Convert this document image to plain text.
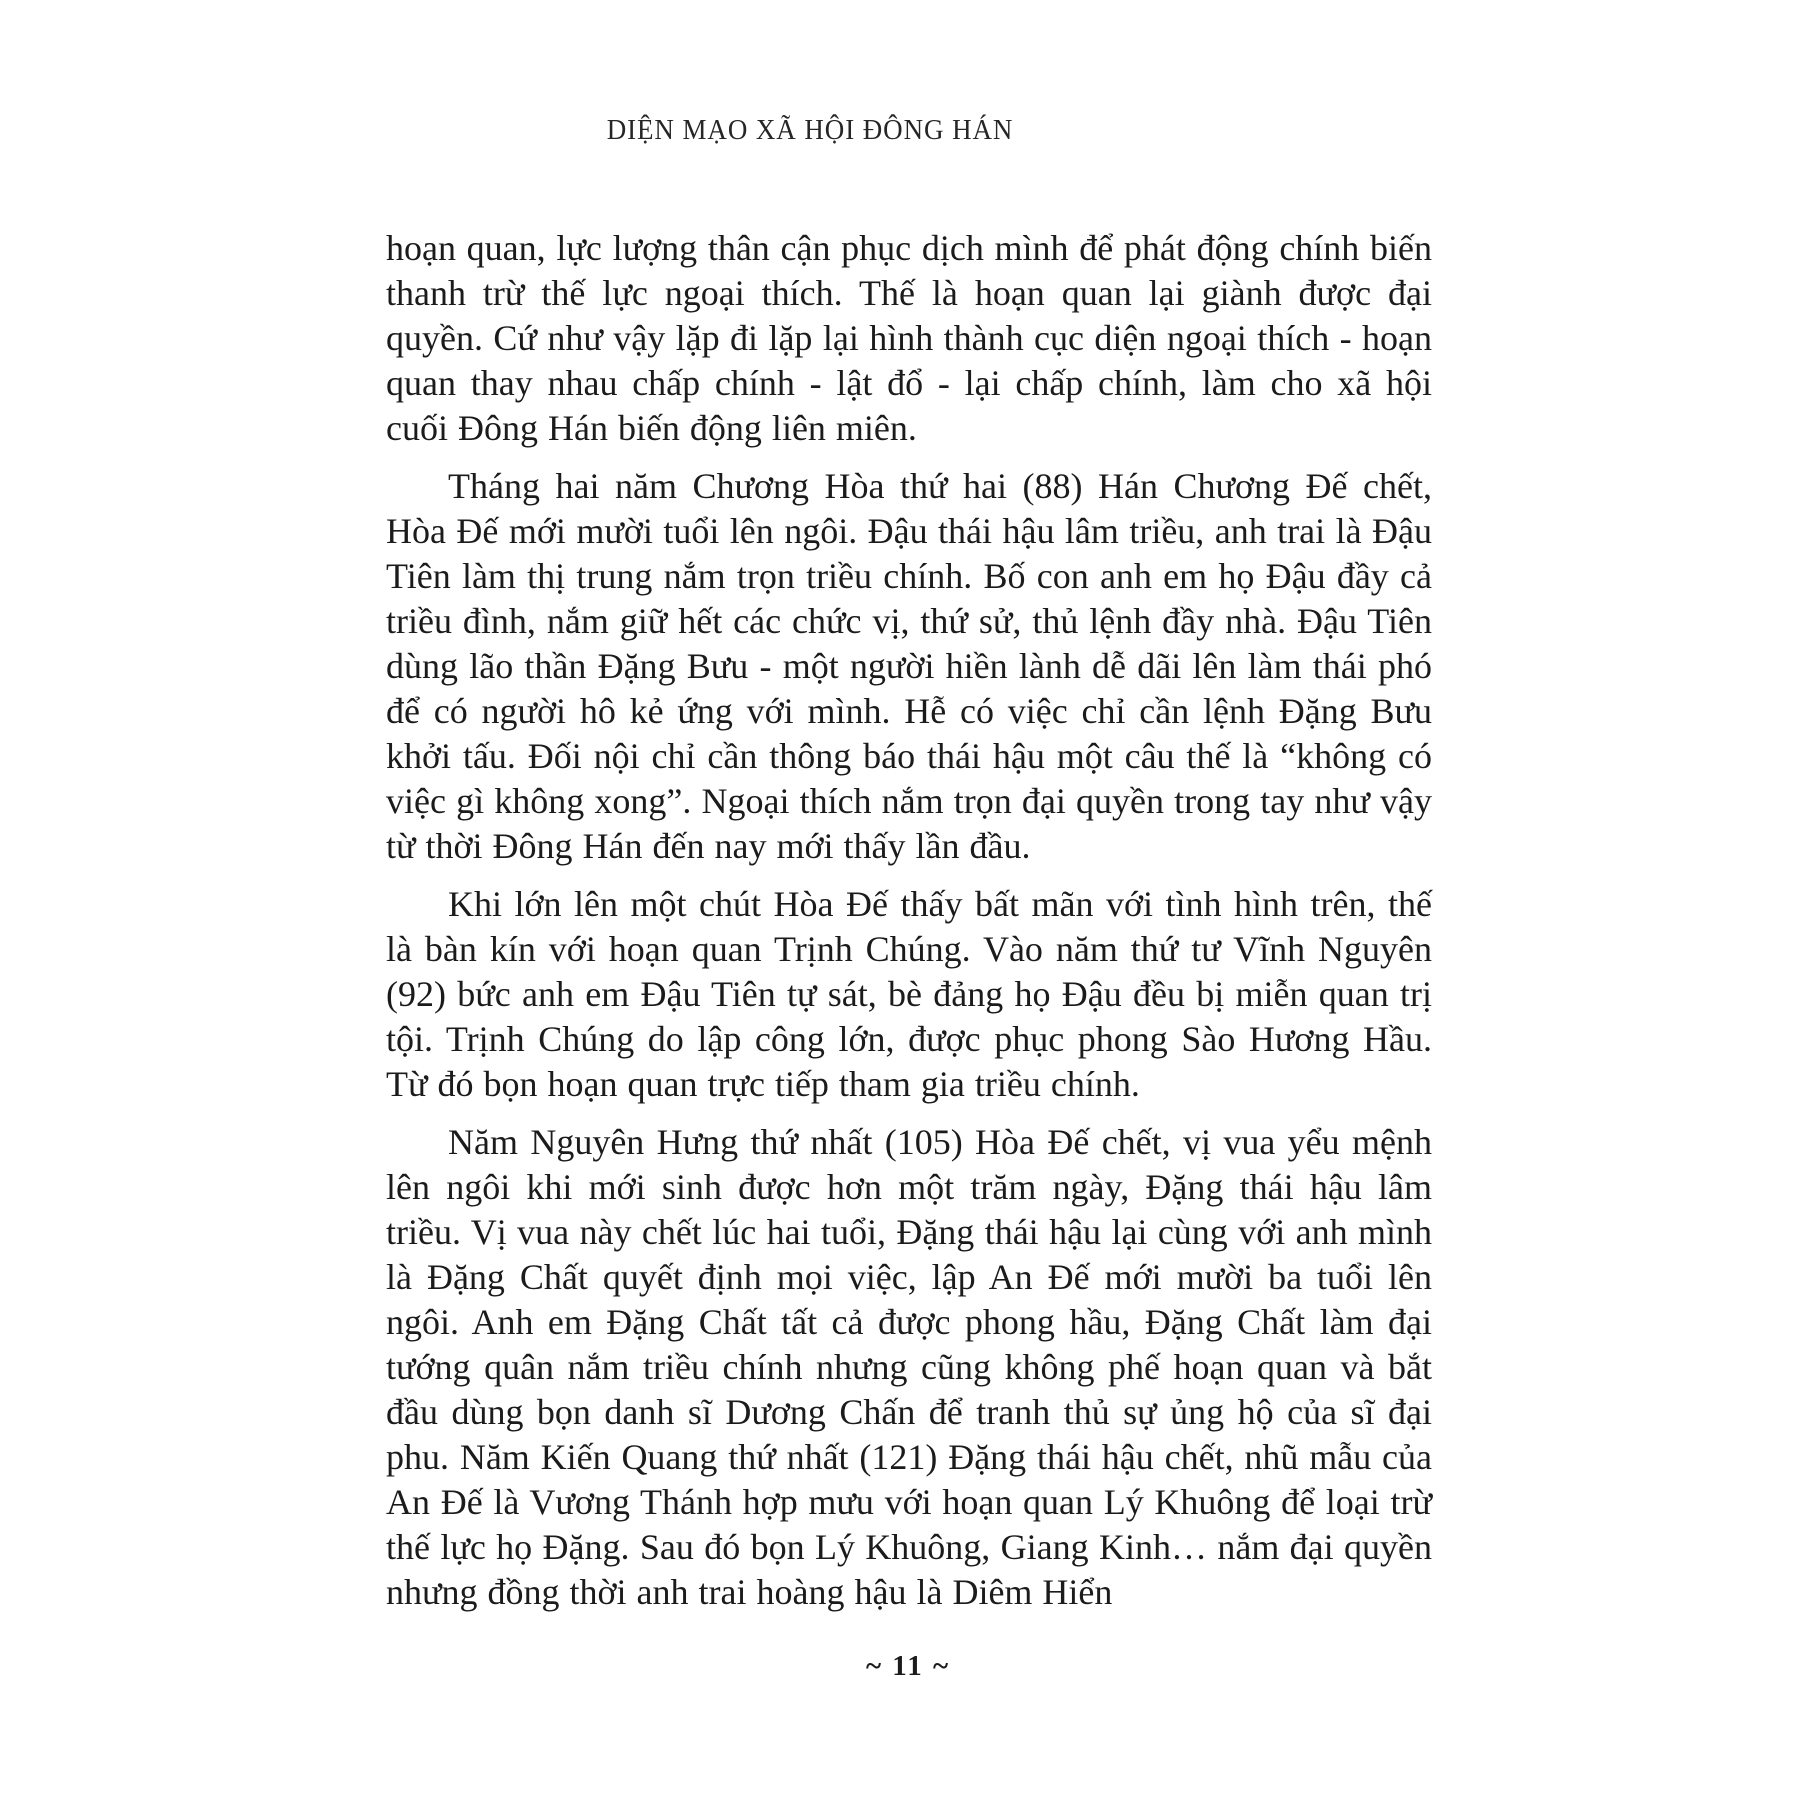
DIỆN MẠO XÃ HỘI ĐÔNG HÁN

hoạn quan, lực lượng thân cận phục dịch mình để phát động chính biến thanh trừ thế lực ngoại thích. Thế là hoạn quan lại giành được đại quyền. Cứ như vậy lặp đi lặp lại hình thành cục diện ngoại thích - hoạn quan thay nhau chấp chính - lật đổ - lại chấp chính, làm cho xã hội cuối Đông Hán biến động liên miên.

Tháng hai năm Chương Hòa thứ hai (88) Hán Chương Đế chết, Hòa Đế mới mười tuổi lên ngôi. Đậu thái hậu lâm triều, anh trai là Đậu Tiên làm thị trung nắm trọn triều chính. Bố con anh em họ Đậu đầy cả triều đình, nắm giữ hết các chức vị, thứ sử, thủ lệnh đầy nhà. Đậu Tiên dùng lão thần Đặng Bưu - một người hiền lành dễ dãi lên làm thái phó để có người hô kẻ ứng với mình. Hễ có việc chỉ cần lệnh Đặng Bưu khởi tấu. Đối nội chỉ cần thông báo thái hậu một câu thế là “không có việc gì không xong”. Ngoại thích nắm trọn đại quyền trong tay như vậy từ thời Đông Hán đến nay mới thấy lần đầu.

Khi lớn lên một chút Hòa Đế thấy bất mãn với tình hình trên, thế là bàn kín với hoạn quan Trịnh Chúng. Vào năm thứ tư Vĩnh Nguyên (92) bức anh em Đậu Tiên tự sát, bè đảng họ Đậu đều bị miễn quan trị tội. Trịnh Chúng do lập công lớn, được phục phong Sào Hương Hầu. Từ đó bọn hoạn quan trực tiếp tham gia triều chính.

Năm Nguyên Hưng thứ nhất (105) Hòa Đế chết, vị vua yểu mệnh lên ngôi khi mới sinh được hơn một trăm ngày, Đặng thái hậu lâm triều. Vị vua này chết lúc hai tuổi, Đặng thái hậu lại cùng với anh mình là Đặng Chất quyết định mọi việc, lập An Đế mới mười ba tuổi lên ngôi. Anh em Đặng Chất tất cả được phong hầu, Đặng Chất làm đại tướng quân nắm triều chính nhưng cũng không phế hoạn quan và bắt đầu dùng bọn danh sĩ Dương Chấn để tranh thủ sự ủng hộ của sĩ đại phu. Năm Kiến Quang thứ nhất (121) Đặng thái hậu chết, nhũ mẫu của An Đế là Vương Thánh hợp mưu với hoạn quan Lý Khuông để loại trừ thế lực họ Đặng. Sau đó bọn Lý Khuông, Giang Kinh… nắm đại quyền nhưng đồng thời anh trai hoàng hậu là Diêm Hiển

~ 11 ~
